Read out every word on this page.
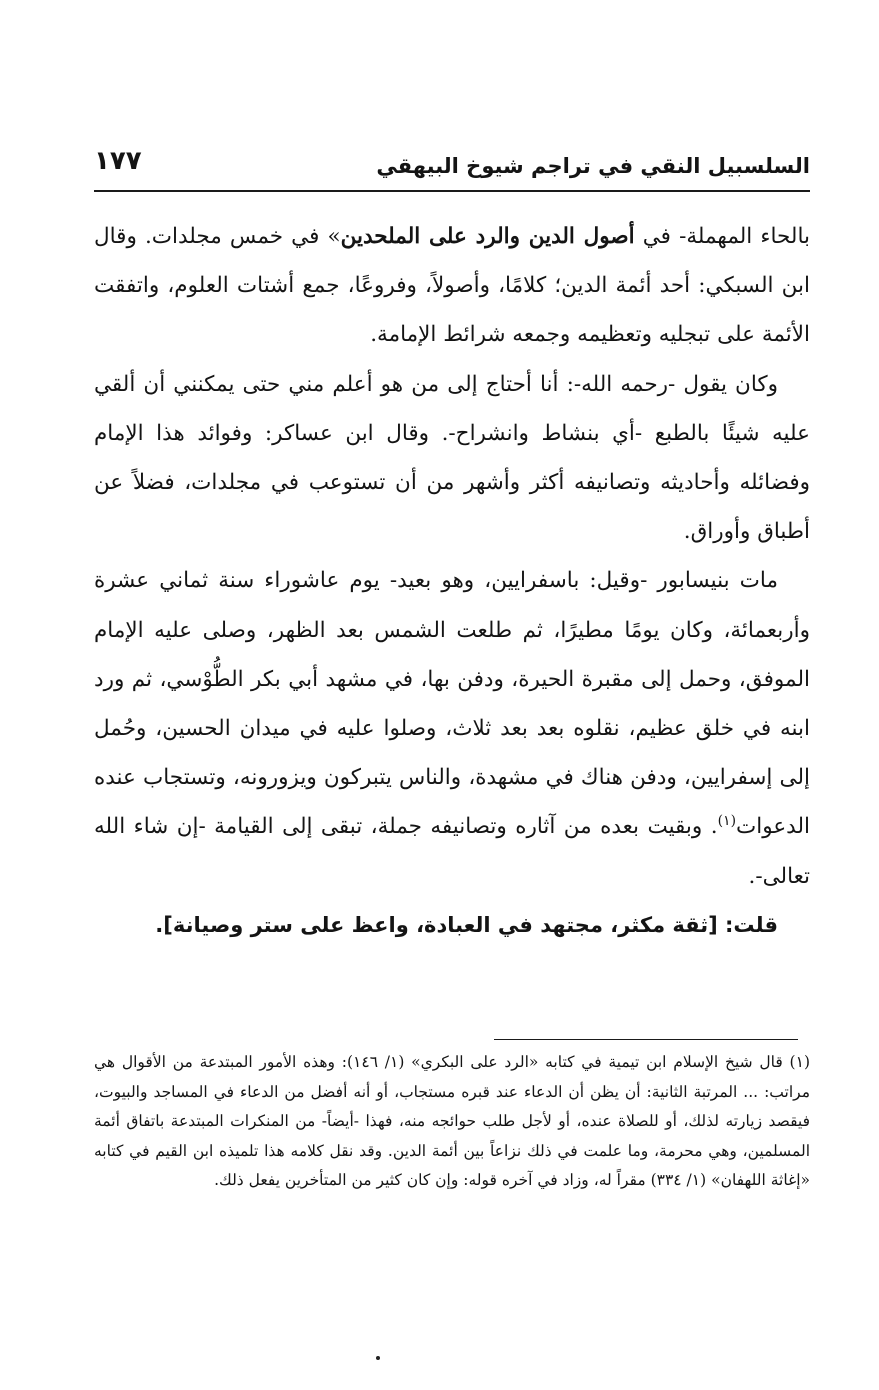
السلسبيل النقي في تراجم شيوخ البيهقي
١٧٧

بالحاء المهملة- في أصول الدين والرد على الملحدين» في خمس مجلدات. وقال ابن السبكي: أحد أئمة الدين؛ كلامًا، وأصولاً، وفروعًا، جمع أشتات العلوم، واتفقت الأئمة على تبجليه وتعظيمه وجمعه شرائط الإمامة.

وكان يقول -رحمه الله-: أنا أحتاج إلى من هو أعلم مني حتى يمكنني أن ألقي عليه شيئًا بالطبع -أي بنشاط وانشراح-. وقال ابن عساكر: وفوائد هذا الإمام وفضائله وأحاديثه وتصانيفه أكثر وأشهر من أن تستوعب في مجلدات، فضلاً عن أطباق وأوراق.

مات بنيسابور -وقيل: باسفرايين، وهو بعيد- يوم عاشوراء سنة ثماني عشرة وأربعمائة، وكان يومًا مطيرًا، ثم طلعت الشمس بعد الظهر، وصلى عليه الإمام الموفق، وحمل إلى مقبرة الحيرة، ودفن بها، في مشهد أبي بكر الطُّوْسي، ثم ورد ابنه في خلق عظيم، نقلوه بعد بعد ثلاث، وصلوا عليه في ميدان الحسين، وحُمل إلى إسفرايين، ودفن هناك في مشهدة، والناس يتبركون ويزورونه، وتستجاب عنده الدعوات$^{(١)}$. وبقيت بعده من آثاره وتصانيفه جملة، تبقى إلى القيامة -إن شاء الله تعالى-.

قلت: [ثقة مكثر، مجتهد في العبادة، واعظ على ستر وصيانة].

(١) قال شيخ الإسلام ابن تيمية في كتابه «الرد على البكري» (١/ ١٤٦): وهذه الأمور المبتدعة من الأقوال هي مراتب: ... المرتبة الثانية: أن يظن أن الدعاء عند قبره مستجاب، أو أنه أفضل من الدعاء في المساجد والبيوت، فيقصد زيارته لذلك، أو للصلاة عنده، أو لأجل طلب حوائجه منه، فهذا -أيضاً- من المنكرات المبتدعة باتفاق أئمة المسلمين، وهي محرمة، وما علمت في ذلك نزاعاً بين أئمة الدين. وقد نقل كلامه هذا تلميذه ابن القيم في كتابه «إغاثة اللهفان» (١/ ٣٣٤) مقراً له، وزاد في آخره قوله: وإن كان كثير من المتأخرين يفعل ذلك.
